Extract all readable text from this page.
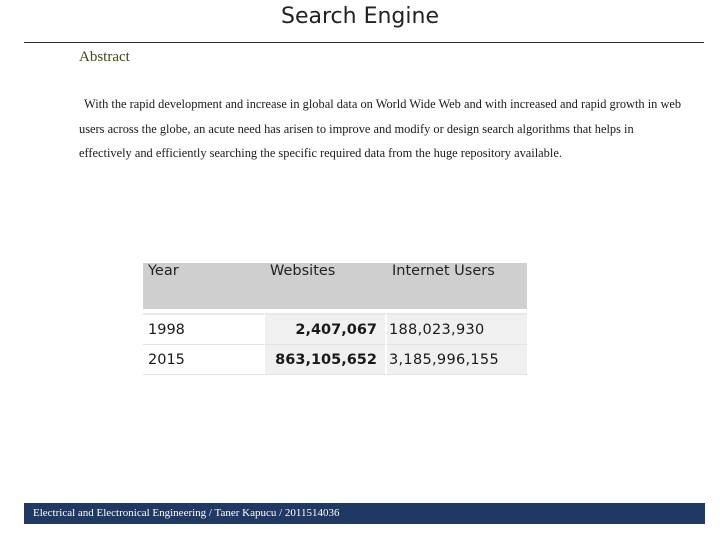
Search Engine
Abstract
With the rapid development and increase in global data on World Wide Web and with increased and rapid growth in web users across the globe, an acute need has arisen to improve and modify or design search algorithms that helps in effectively and efficiently searching the specific required data from the huge repository available.
Year	Websites	Internet Users
1998	2,407,067	188,023,930
2015	863,105,652	3,185,996,155
Electrical and Electronical Engineering / Taner Kapucu / 2011514036
